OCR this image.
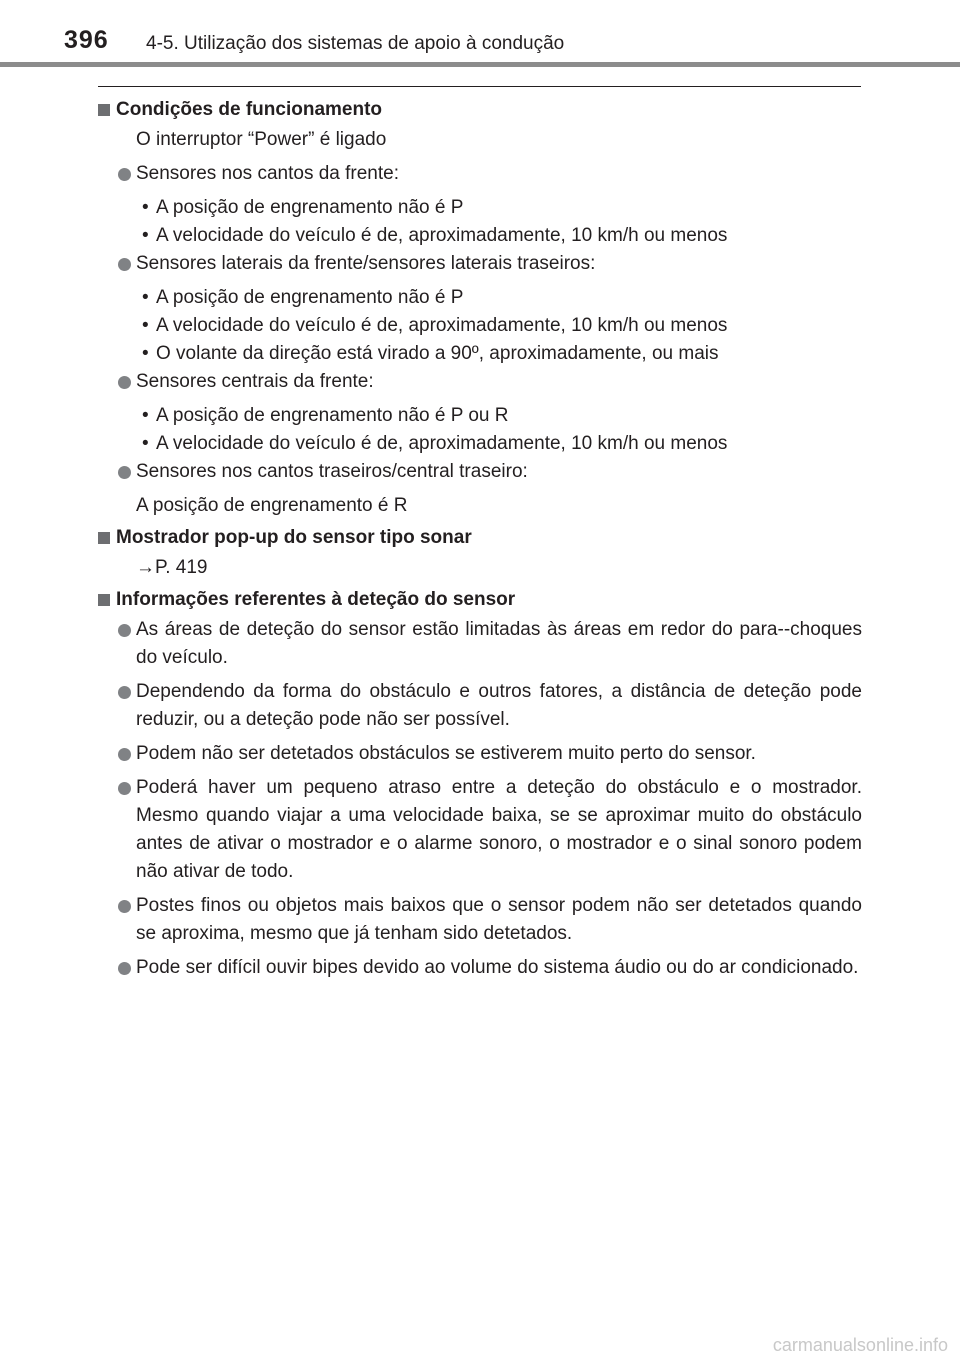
396 4-5. Utilização dos sistemas de apoio à condução
Condições de funcionamento
O interruptor “Power” é ligado
Sensores nos cantos da frente:
• A posição de engrenamento não é P
• A velocidade do veículo é de, aproximadamente, 10 km/h ou menos
Sensores laterais da frente/sensores laterais traseiros:
• A posição de engrenamento não é P
• A velocidade do veículo é de, aproximadamente, 10 km/h ou menos
• O volante da direção está virado a 90º, aproximadamente, ou mais
Sensores centrais da frente:
• A posição de engrenamento não é P ou R
• A velocidade do veículo é de, aproximadamente, 10 km/h ou menos
Sensores nos cantos traseiros/central traseiro:
A posição de engrenamento é R
Mostrador pop-up do sensor tipo sonar
→P. 419
Informações referentes à deteção do sensor
As áreas de deteção do sensor estão limitadas às áreas em redor do para--choques do veículo.
Dependendo da forma do obstáculo e outros fatores, a distância de deteção pode reduzir, ou a deteção pode não ser possível.
Podem não ser detetados obstáculos se estiverem muito perto do sensor.
Poderá haver um pequeno atraso entre a deteção do obstáculo e o mostrador. Mesmo quando viajar a uma velocidade baixa, se se aproximar muito do obstáculo antes de ativar o mostrador e o alarme sonoro, o mostrador e o sinal sonoro podem não ativar de todo.
Postes finos ou objetos mais baixos que o sensor podem não ser detetados quando se aproxima, mesmo que já tenham sido detetados.
Pode ser difícil ouvir bipes devido ao volume do sistema áudio ou do ar condicionado.
carmanualsonline.info
